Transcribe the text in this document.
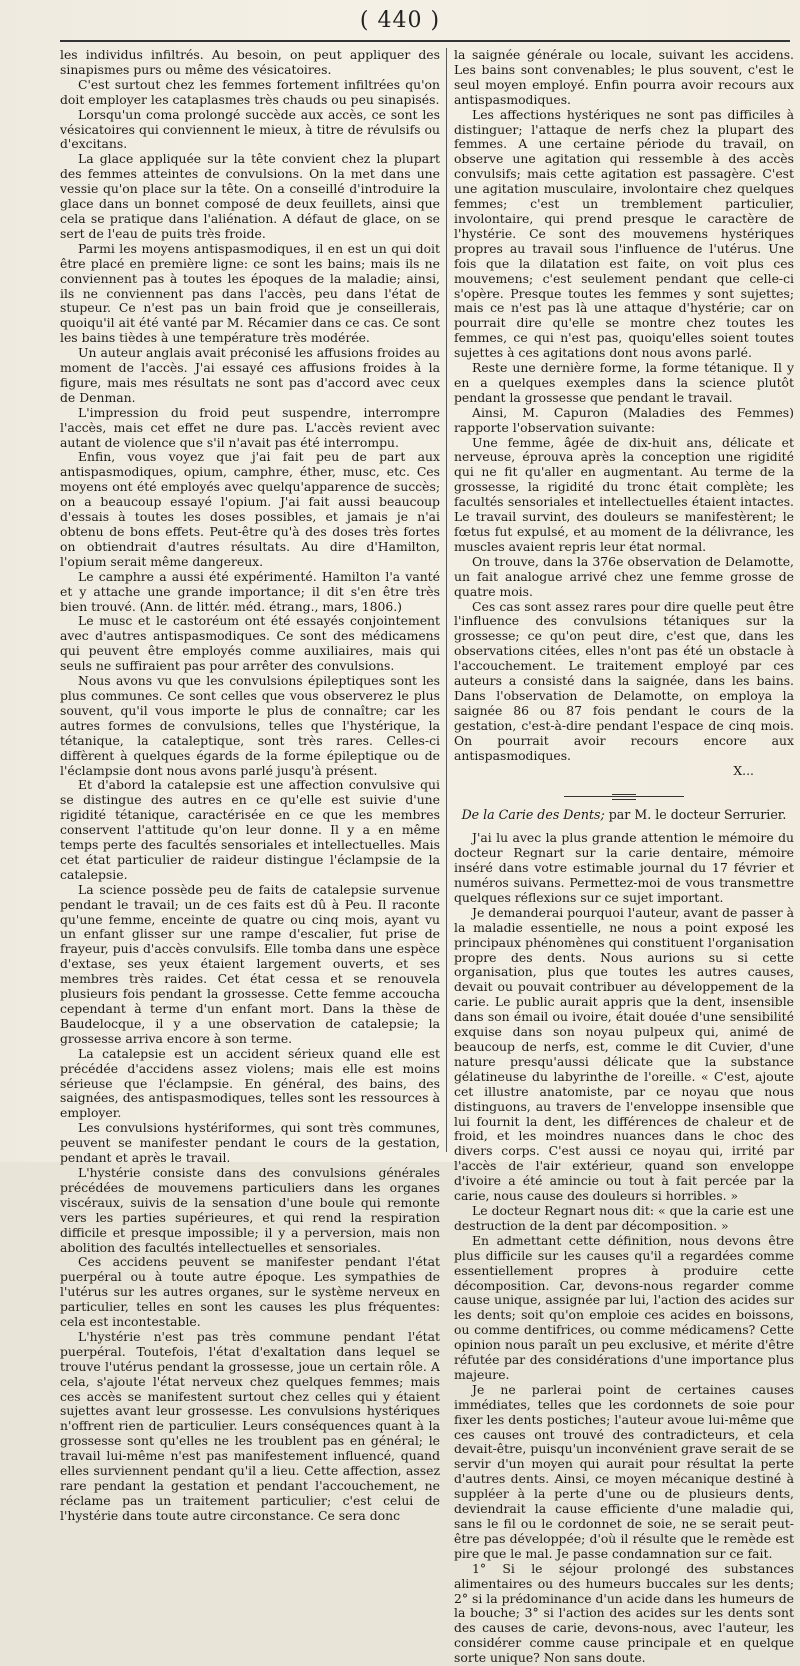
( 440 )

les individus infiltrés. Au besoin, on peut appliquer des sinapismes purs ou même des vésicatoires.

C'est surtout chez les femmes fortement infiltrées qu'on doit employer les cataplasmes très chauds ou peu sinapisés.

Lorsqu'un coma prolongé succède aux accès, ce sont les vésicatoires qui conviennent le mieux, à titre de révulsifs ou d'excitans.

La glace appliquée sur la tête convient chez la plupart des femmes atteintes de convulsions. On la met dans une vessie qu'on place sur la tête. On a conseillé d'introduire la glace dans un bonnet composé de deux feuillets, ainsi que cela se pratique dans l'aliénation. A défaut de glace, on se sert de l'eau de puits très froide.

Parmi les moyens antispasmodiques, il en est un qui doit être placé en première ligne: ce sont les bains; mais ils ne conviennent pas à toutes les époques de la maladie; ainsi, ils ne conviennent pas dans l'accès, peu dans l'état de stupeur. Ce n'est pas un bain froid que je conseillerais, quoiqu'il ait été vanté par M. Récamier dans ce cas. Ce sont les bains tièdes à une température très modérée.

Un auteur anglais avait préconisé les affusions froides au moment de l'accès. J'ai essayé ces affusions froides à la figure, mais mes résultats ne sont pas d'accord avec ceux de Denman.

L'impression du froid peut suspendre, interrompre l'accès, mais cet effet ne dure pas. L'accès revient avec autant de violence que s'il n'avait pas été interrompu.

Enfin, vous voyez que j'ai fait peu de part aux antispasmodiques, opium, camphre, éther, musc, etc. Ces moyens ont été employés avec quelqu'apparence de succès; on a beaucoup essayé l'opium. J'ai fait aussi beaucoup d'essais à toutes les doses possibles, et jamais je n'ai obtenu de bons effets. Peut-être qu'à des doses très fortes on obtiendrait d'autres résultats. Au dire d'Hamilton, l'opium serait même dangereux.

Le camphre a aussi été expérimenté. Hamilton l'a vanté et y attache une grande importance; il dit s'en être très bien trouvé. (Ann. de littér. méd. étrang., mars, 1806.)

Le musc et le castoréum ont été essayés conjointement avec d'autres antispasmodiques. Ce sont des médicamens qui peuvent être employés comme auxiliaires, mais qui seuls ne suffiraient pas pour arrêter des convulsions.

Nous avons vu que les convulsions épileptiques sont les plus communes. Ce sont celles que vous observerez le plus souvent, qu'il vous importe le plus de connaître; car les autres formes de convulsions, telles que l'hystérique, la tétanique, la cataleptique, sont très rares. Celles-ci diffèrent à quelques égards de la forme épileptique ou de l'éclampsie dont nous avons parlé jusqu'à présent.

Et d'abord la catalepsie est une affection convulsive qui se distingue des autres en ce qu'elle est suivie d'une rigidité tétanique, caractérisée en ce que les membres conservent l'attitude qu'on leur donne. Il y a en même temps perte des facultés sensoriales et intellectuelles. Mais cet état particulier de raideur distingue l'éclampsie de la catalepsie.

La science possède peu de faits de catalepsie survenue pendant le travail; un de ces faits est dû à Peu. Il raconte qu'une femme, enceinte de quatre ou cinq mois, ayant vu un enfant glisser sur une rampe d'escalier, fut prise de frayeur, puis d'accès convulsifs. Elle tomba dans une espèce d'extase, ses yeux étaient largement ouverts, et ses membres très raides. Cet état cessa et se renouvela plusieurs fois pendant la grossesse. Cette femme accoucha cependant à terme d'un enfant mort. Dans la thèse de Baudelocque, il y a une observation de catalepsie; la grossesse arriva encore à son terme.

La catalepsie est un accident sérieux quand elle est précédée d'accidens assez violens; mais elle est moins sérieuse que l'éclampsie. En général, des bains, des saignées, des antispasmodiques, telles sont les ressources à employer.

Les convulsions hystériformes, qui sont très communes, peuvent se manifester pendant le cours de la gestation, pendant et après le travail.

L'hystérie consiste dans des convulsions générales précédées de mouvemens particuliers dans les organes viscéraux, suivis de la sensation d'une boule qui remonte vers les parties supérieures, et qui rend la respiration difficile et presque impossible; il y a perversion, mais non abolition des facultés intellectuelles et sensoriales.

Ces accidens peuvent se manifester pendant l'état puerpéral ou à toute autre époque. Les sympathies de l'utérus sur les autres organes, sur le système nerveux en particulier, telles en sont les causes les plus fréquentes: cela est incontestable.

L'hystérie n'est pas très commune pendant l'état puerpéral. Toutefois, l'état d'exaltation dans lequel se trouve l'utérus pendant la grossesse, joue un certain rôle. A cela, s'ajoute l'état nerveux chez quelques femmes; mais ces accès se manifestent surtout chez celles qui y étaient sujettes avant leur grossesse. Les convulsions hystériques n'offrent rien de particulier. Leurs conséquences quant à la grossesse sont qu'elles ne les troublent pas en général; le travail lui-même n'est pas manifestement influencé, quand elles surviennent pendant qu'il a lieu. Cette affection, assez rare pendant la gestation et pendant l'accouchement, ne réclame pas un traitement particulier; c'est celui de l'hystérie dans toute autre circonstance. Ce sera donc

la saignée générale ou locale, suivant les accidens. Les bains sont convenables; le plus souvent, c'est le seul moyen employé. Enfin pourra avoir recours aux antispasmodiques.

Les affections hystériques ne sont pas difficiles à distinguer; l'attaque de nerfs chez la plupart des femmes. A une certaine période du travail, on observe une agitation qui ressemble à des accès convulsifs; mais cette agitation est passagère. C'est une agitation musculaire, involontaire chez quelques femmes; c'est un tremblement particulier, involontaire, qui prend presque le caractère de l'hystérie. Ce sont des mouvemens hystériques propres au travail sous l'influence de l'utérus. Une fois que la dilatation est faite, on voit plus ces mouvemens; c'est seulement pendant que celle-ci s'opère. Presque toutes les femmes y sont sujettes; mais ce n'est pas là une attaque d'hystérie; car on pourrait dire qu'elle se montre chez toutes les femmes, ce qui n'est pas, quoiqu'elles soient toutes sujettes à ces agitations dont nous avons parlé.

Reste une dernière forme, la forme tétanique. Il y en a quelques exemples dans la science plutôt pendant la grossesse que pendant le travail.

Ainsi, M. Capuron (Maladies des Femmes) rapporte l'observation suivante:

Une femme, âgée de dix-huit ans, délicate et nerveuse, éprouva après la conception une rigidité qui ne fit qu'aller en augmentant. Au terme de la grossesse, la rigidité du tronc était complète; les facultés sensoriales et intellectuelles étaient intactes. Le travail survint, des douleurs se manifestèrent; le fœtus fut expulsé, et au moment de la délivrance, les muscles avaient repris leur état normal.

On trouve, dans la 376e observation de Delamotte, un fait analogue arrivé chez une femme grosse de quatre mois.

Ces cas sont assez rares pour dire quelle peut être l'influence des convulsions tétaniques sur la grossesse; ce qu'on peut dire, c'est que, dans les observations citées, elles n'ont pas été un obstacle à l'accouchement. Le traitement employé par ces auteurs a consisté dans la saignée, dans les bains. Dans l'observation de Delamotte, on employa la saignée 86 ou 87 fois pendant le cours de la gestation, c'est-à-dire pendant l'espace de cinq mois. On pourrait avoir recours encore aux antispasmodiques.

X...

De la Carie des Dents; par M. le docteur Serrurier.

J'ai lu avec la plus grande attention le mémoire du docteur Regnart sur la carie dentaire, mémoire inséré dans votre estimable journal du 17 février et numéros suivans. Permettez-moi de vous transmettre quelques réflexions sur ce sujet important.

Je demanderai pourquoi l'auteur, avant de passer à la maladie essentielle, ne nous a point exposé les principaux phénomènes qui constituent l'organisation propre des dents. Nous aurions su si cette organisation, plus que toutes les autres causes, devait ou pouvait contribuer au développement de la carie. Le public aurait appris que la dent, insensible dans son émail ou ivoire, était douée d'une sensibilité exquise dans son noyau pulpeux qui, animé de beaucoup de nerfs, est, comme le dit Cuvier, d'une nature presqu'aussi délicate que la substance gélatineuse du labyrinthe de l'oreille. « C'est, ajoute cet illustre anatomiste, par ce noyau que nous distinguons, au travers de l'enveloppe insensible que lui fournit la dent, les différences de chaleur et de froid, et les moindres nuances dans le choc des divers corps. C'est aussi ce noyau qui, irrité par l'accès de l'air extérieur, quand son enveloppe d'ivoire a été amincie ou tout à fait percée par la carie, nous cause des douleurs si horribles. »

Le docteur Regnart nous dit: « que la carie est une destruction de la dent par décomposition. »

En admettant cette définition, nous devons être plus difficile sur les causes qu'il a regardées comme essentiellement propres à produire cette décomposition. Car, devons-nous regarder comme cause unique, assignée par lui, l'action des acides sur les dents; soit qu'on emploie ces acides en boissons, ou comme dentifrices, ou comme médicamens? Cette opinion nous paraît un peu exclusive, et mérite d'être réfutée par des considérations d'une importance plus majeure.

Je ne parlerai point de certaines causes immédiates, telles que les cordonnets de soie pour fixer les dents postiches; l'auteur avoue lui-même que ces causes ont trouvé des contradicteurs, et cela devait-être, puisqu'un inconvénient grave serait de se servir d'un moyen qui aurait pour résultat la perte d'autres dents. Ainsi, ce moyen mécanique destiné à suppléer à la perte d'une ou de plusieurs dents, deviendrait la cause efficiente d'une maladie qui, sans le fil ou le cordonnet de soie, ne se serait peut-être pas développée; d'où il résulte que le remède est pire que le mal. Je passe condamnation sur ce fait.

1° Si le séjour prolongé des substances alimentaires ou des humeurs buccales sur les dents; 2° si la prédominance d'un acide dans les humeurs de la bouche; 3° si l'action des acides sur les dents sont des causes de carie, devons-nous, avec l'auteur, les considérer comme cause principale et en quelque sorte unique? Non sans doute.
